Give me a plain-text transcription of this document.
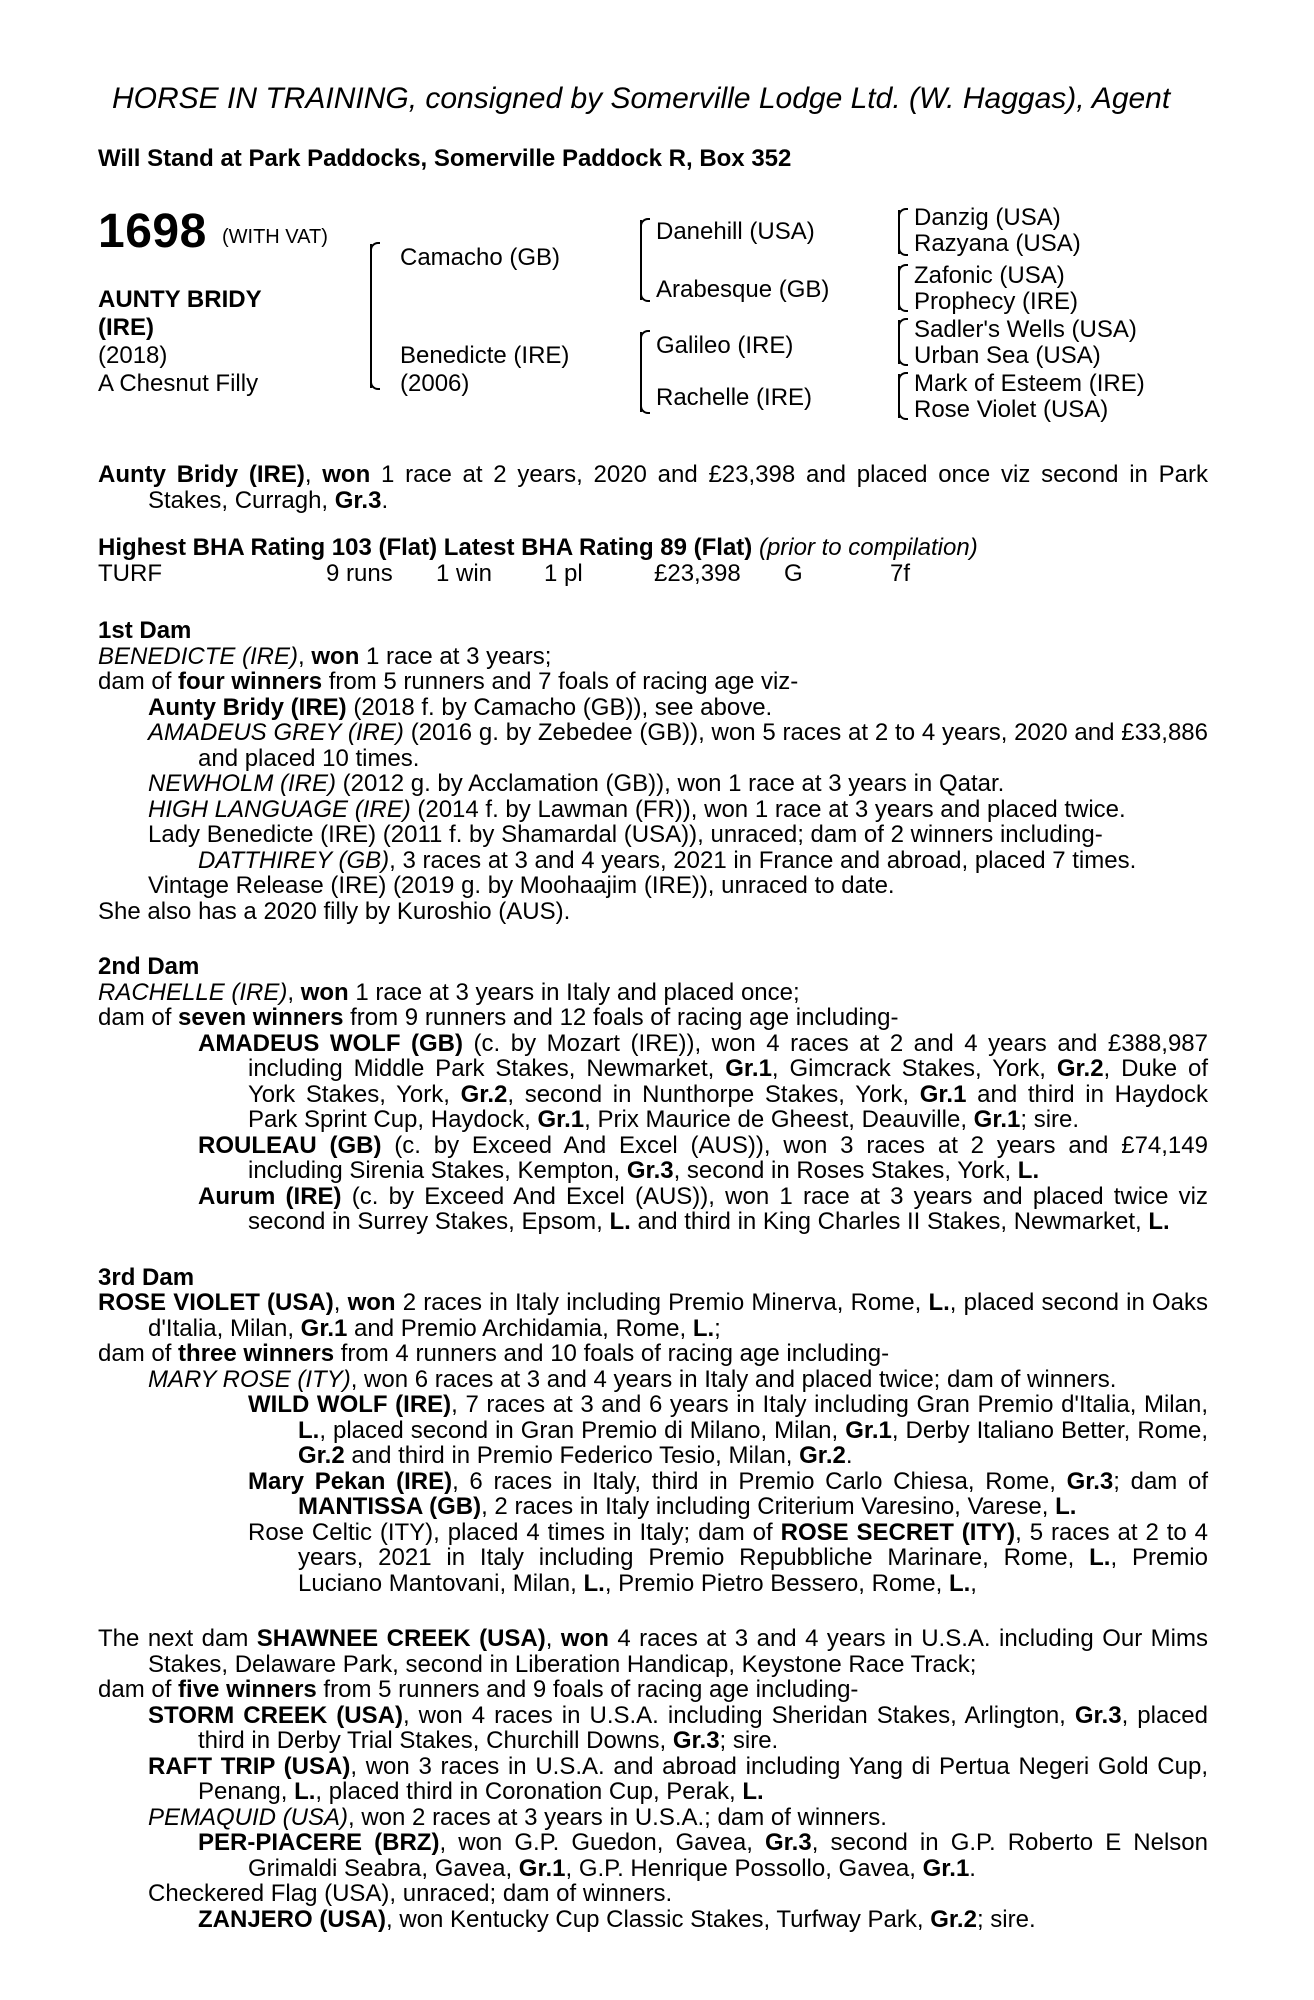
HORSE IN TRAINING, consigned by Somerville Lodge Ltd. (W. Haggas), Agent
Will Stand at Park Paddocks, Somerville Paddock R, Box 352
1698 (WITH VAT)
AUNTY BRIDY
(IRE)
(2018)
A Chesnut Filly
Camacho (GB)
Benedicte (IRE)
(2006)
Danehill (USA)
Arabesque (GB)
Galileo (IRE)
Rachelle (IRE)
Danzig (USA)
Razyana (USA)
Zafonic (USA)
Prophecy (IRE)
Sadler's Wells (USA)
Urban Sea (USA)
Mark of Esteem (IRE)
Rose Violet (USA)

Aunty Bridy (IRE), won 1 race at 2 years, 2020 and £23,398 and placed once viz second in Park Stakes, Curragh, Gr.3.

Highest BHA Rating 103 (Flat) Latest BHA Rating 89 (Flat) (prior to compilation)

TURF	9 runs 1 win 1 pl	£23,398 G	7f

1st Dam

BENEDICTE (IRE), won 1 race at 3 years;

dam of four winners from 5 runners and 7 foals of racing age viz-

Aunty Bridy (IRE) (2018 f. by Camacho (GB)), see above.

AMADEUS GREY (IRE) (2016 g. by Zebedee (GB)), won 5 races at 2 to 4 years, 2020 and £33,886 and placed 10 times.

NEWHOLM (IRE) (2012 g. by Acclamation (GB)), won 1 race at 3 years in Qatar.

HIGH LANGUAGE (IRE) (2014 f. by Lawman (FR)), won 1 race at 3 years and placed twice.

Lady Benedicte (IRE) (2011 f. by Shamardal (USA)), unraced; dam of 2 winners including-

DATTHIREY (GB), 3 races at 3 and 4 years, 2021 in France and abroad, placed 7 times.

Vintage Release (IRE) (2019 g. by Moohaajim (IRE)), unraced to date.

She also has a 2020 filly by Kuroshio (AUS).

2nd Dam

RACHELLE (IRE), won 1 race at 3 years in Italy and placed once;

dam of seven winners from 9 runners and 12 foals of racing age including-

AMADEUS WOLF (GB) (c. by Mozart (IRE)), won 4 races at 2 and 4 years and £388,987 including Middle Park Stakes, Newmarket, Gr.1, Gimcrack Stakes, York, Gr.2, Duke of York Stakes, York, Gr.2, second in Nunthorpe Stakes, York, Gr.1 and third in Haydock Park Sprint Cup, Haydock, Gr.1, Prix Maurice de Gheest, Deauville, Gr.1; sire.

ROULEAU (GB) (c. by Exceed And Excel (AUS)), won 3 races at 2 years and £74,149 including Sirenia Stakes, Kempton, Gr.3, second in Roses Stakes, York, L.

Aurum (IRE) (c. by Exceed And Excel (AUS)), won 1 race at 3 years and placed twice viz second in Surrey Stakes, Epsom, L. and third in King Charles II Stakes, Newmarket, L.

3rd Dam

ROSE VIOLET (USA), won 2 races in Italy including Premio Minerva, Rome, L., placed second in Oaks d'Italia, Milan, Gr.1 and Premio Archidamia, Rome, L.;

dam of three winners from 4 runners and 10 foals of racing age including-

MARY ROSE (ITY), won 6 races at 3 and 4 years in Italy and placed twice; dam of winners.

WILD WOLF (IRE), 7 races at 3 and 6 years in Italy including Gran Premio d'Italia, Milan, L., placed second in Gran Premio di Milano, Milan, Gr.1, Derby Italiano Better, Rome, Gr.2 and third in Premio Federico Tesio, Milan, Gr.2.

Mary Pekan (IRE), 6 races in Italy, third in Premio Carlo Chiesa, Rome, Gr.3; dam of MANTISSA (GB), 2 races in Italy including Criterium Varesino, Varese, L.

Rose Celtic (ITY), placed 4 times in Italy; dam of ROSE SECRET (ITY), 5 races at 2 to 4 years, 2021 in Italy including Premio Repubbliche Marinare, Rome, L., Premio Luciano Mantovani, Milan, L., Premio Pietro Bessero, Rome, L.,

The next dam SHAWNEE CREEK (USA), won 4 races at 3 and 4 years in U.S.A. including Our Mims Stakes, Delaware Park, second in Liberation Handicap, Keystone Race Track;

dam of five winners from 5 runners and 9 foals of racing age including-

STORM CREEK (USA), won 4 races in U.S.A. including Sheridan Stakes, Arlington, Gr.3, placed third in Derby Trial Stakes, Churchill Downs, Gr.3; sire.

RAFT TRIP (USA), won 3 races in U.S.A. and abroad including Yang di Pertua Negeri Gold Cup, Penang, L., placed third in Coronation Cup, Perak, L.

PEMAQUID (USA), won 2 races at 3 years in U.S.A.; dam of winners.

PER-PIACERE (BRZ), won G.P. Guedon, Gavea, Gr.3, second in G.P. Roberto E Nelson Grimaldi Seabra, Gavea, Gr.1, G.P. Henrique Possollo, Gavea, Gr.1.

Checkered Flag (USA), unraced; dam of winners.

ZANJERO (USA), won Kentucky Cup Classic Stakes, Turfway Park, Gr.2; sire.
